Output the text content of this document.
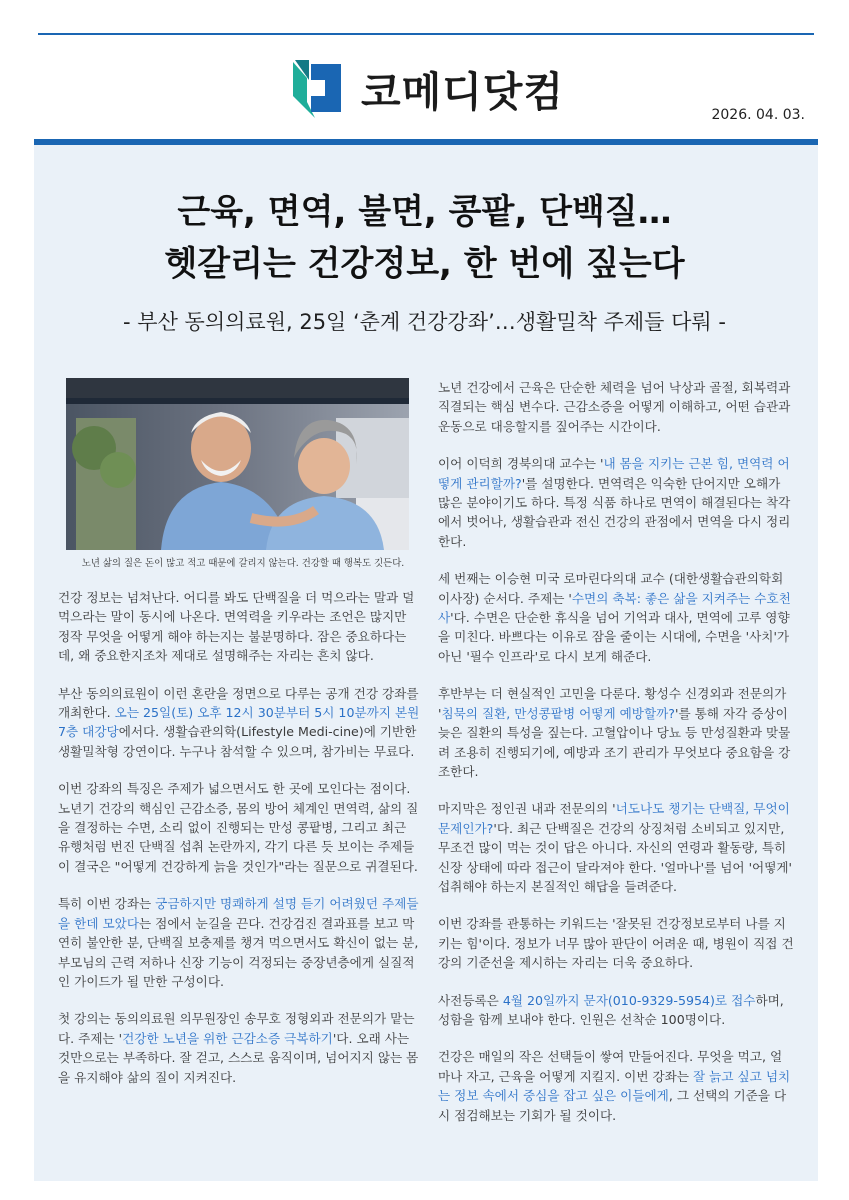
코메디닷컴	2026. 04. 03.
근육, 면역, 불면, 콩팥, 단백질…
헷갈리는 건강정보, 한 번에 짚는다
- 부산 동의의료원, 25일 ‘춘계 건강강좌’…생활밀착 주제들 다뤄 -
노년 삶의 질은 돈이 많고 적고 때문에 갈리지 않는다. 건강할 때 행복도 깃든다.

건강 정보는 넘쳐난다. 어디를 봐도 단백질을 더 먹으라는 말과 덜 먹으라는 말이 동시에 나온다. 면역력을 키우라는 조언은 많지만 정작 무엇을 어떻게 해야 하는지는 불분명하다. 잠은 중요하다는데, 왜 중요한지조차 제대로 설명해주는 자리는 흔치 않다.

부산 동의의료원이 이런 혼란을 정면으로 다루는 공개 건강 강좌를 개최한다. 오는 25일(토) 오후 12시 30분부터 5시 10분까지 본원 7층 대강당에서다. 생활습관의학(Lifestyle Medi-cine)에 기반한 생활밀착형 강연이다. 누구나 참석할 수 있으며, 참가비는 무료다.

이번 강좌의 특징은 주제가 넓으면서도 한 곳에 모인다는 점이다. 노년기 건강의 핵심인 근감소증, 몸의 방어 체계인 면역력, 삶의 질을 결정하는 수면, 소리 없이 진행되는 만성 콩팥병, 그리고 최근 유행처럼 번진 단백질 섭취 논란까지, 각기 다른 듯 보이는 주제들이 결국은 "어떻게 건강하게 늙을 것인가"라는 질문으로 귀결된다.

특히 이번 강좌는 궁금하지만 명쾌하게 설명 듣기 어려웠던 주제들을 한데 모았다는 점에서 눈길을 끈다. 건강검진 결과표를 보고 막연히 불안한 분, 단백질 보충제를 챙겨 먹으면서도 확신이 없는 분, 부모님의 근력 저하나 신장 기능이 걱정되는 중장년층에게 실질적인 가이드가 될 만한 구성이다.

첫 강의는 동의의료원 의무원장인 송무호 정형외과 전문의가 맡는다. 주제는 '건강한 노년을 위한 근감소증 극복하기'다. 오래 사는 것만으로는 부족하다. 잘 걷고, 스스로 움직이며, 넘어지지 않는 몸을 유지해야 삶의 질이 지켜진다.

노년 건강에서 근육은 단순한 체력을 넘어 낙상과 골절, 회복력과 직결되는 핵심 변수다. 근감소증을 어떻게 이해하고, 어떤 습관과 운동으로 대응할지를 짚어주는 시간이다.

이어 이덕희 경북의대 교수는 '내 몸을 지키는 근본 힘, 면역력 어떻게 관리할까?'를 설명한다. 면역력은 익숙한 단어지만 오해가 많은 분야이기도 하다. 특정 식품 하나로 면역이 해결된다는 착각에서 벗어나, 생활습관과 전신 건강의 관점에서 면역을 다시 정리한다.

세 번째는 이승현 미국 로마린다의대 교수 (대한생활습관의학회 이사장) 순서다. 주제는 '수면의 축복: 좋은 삶을 지켜주는 수호천사'다. 수면은 단순한 휴식을 넘어 기억과 대사, 면역에 고루 영향을 미친다. 바쁘다는 이유로 잠을 줄이는 시대에, 수면을 '사치'가 아닌 '필수 인프라'로 다시 보게 해준다.

후반부는 더 현실적인 고민을 다룬다. 황성수 신경외과 전문의가 '침묵의 질환, 만성콩팥병 어떻게 예방할까?'를 통해 자각 증상이 늦은 질환의 특성을 짚는다. 고혈압이나 당뇨 등 만성질환과 맞물려 조용히 진행되기에, 예방과 조기 관리가 무엇보다 중요함을 강조한다.

마지막은 정인권 내과 전문의의 '너도나도 챙기는 단백질, 무엇이 문제인가?'다. 최근 단백질은 건강의 상징처럼 소비되고 있지만, 무조건 많이 먹는 것이 답은 아니다. 자신의 연령과 활동량, 특히 신장 상태에 따라 접근이 달라져야 한다. '얼마나'를 넘어 '어떻게' 섭취해야 하는지 본질적인 해답을 들려준다.

이번 강좌를 관통하는 키워드는 '잘못된 건강정보로부터 나를 지키는 힘'이다. 정보가 너무 많아 판단이 어려운 때, 병원이 직접 건강의 기준선을 제시하는 자리는 더욱 중요하다.

사전등록은 4월 20일까지 문자(010-9329-5954)로 접수하며, 성함을 함께 보내야 한다. 인원은 선착순 100명이다.

건강은 매일의 작은 선택들이 쌓여 만들어진다. 무엇을 먹고, 얼마나 자고, 근육을 어떻게 지킬지. 이번 강좌는 잘 늙고 싶고 넘치는 정보 속에서 중심을 잡고 싶은 이들에게, 그 선택의 기준을 다시 점검해보는 기회가 될 것이다.
